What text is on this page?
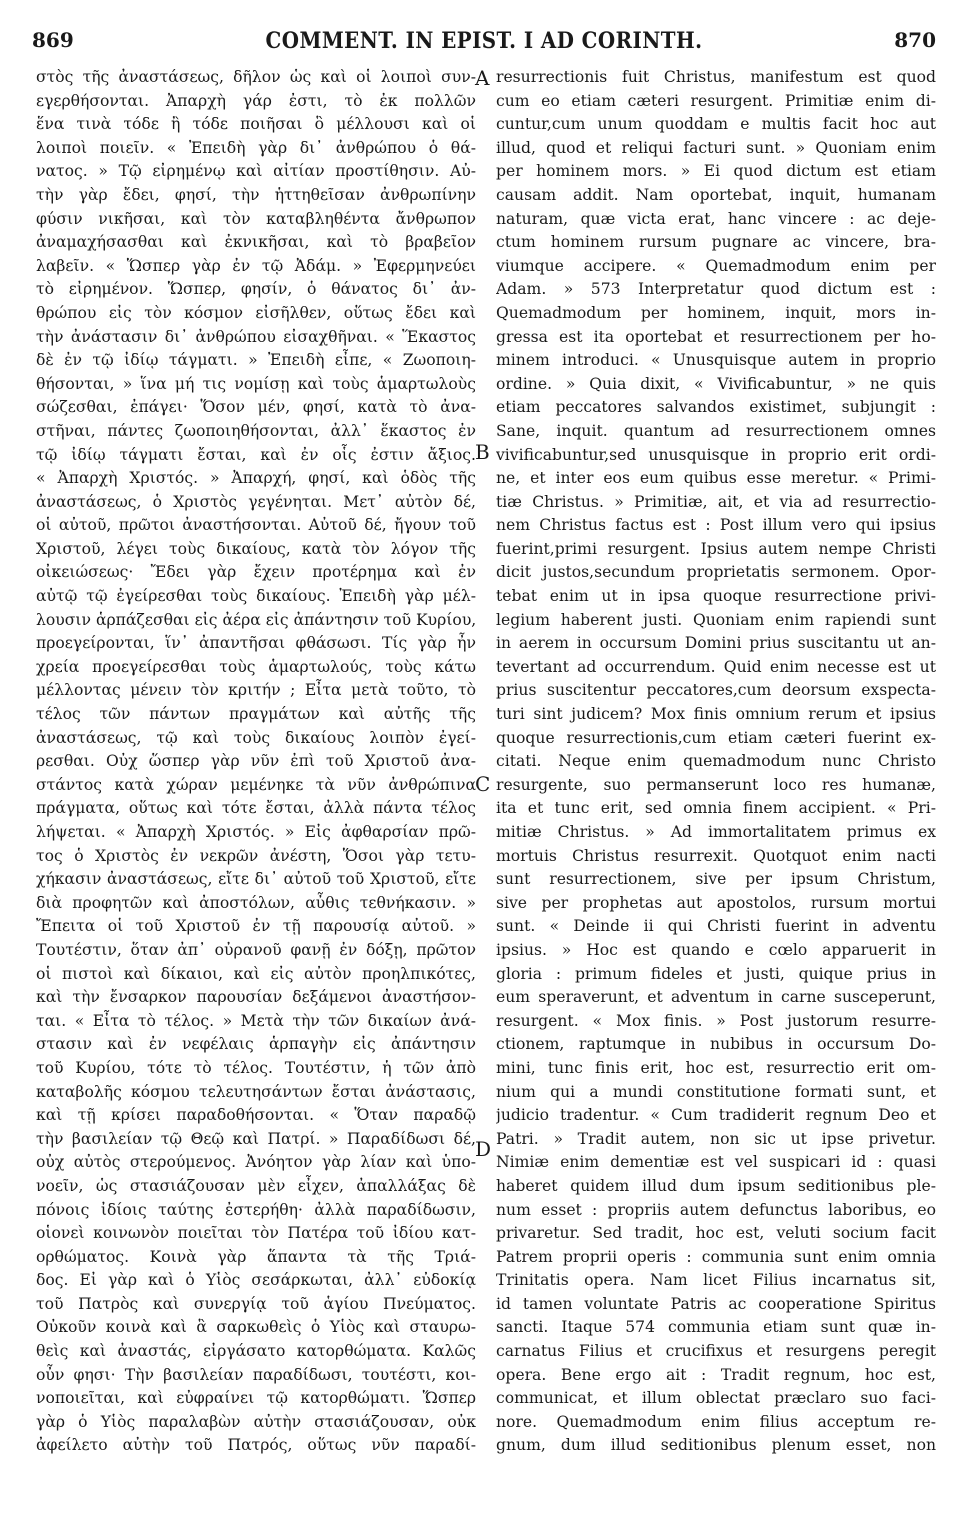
869	COMMENT. IN EPIST. I AD CORINTH.	870
στὸς τῆς ἀναστάσεως, δῆλον ὡς καὶ οἱ λοιποὶ συν-
εγερθήσονται. Ἀπαρχὴ γάρ ἐστι, τὸ ἐκ πολλῶν
ἕνα τινὰ τόδε ἢ τόδε ποιῆσαι ὃ μέλλουσι καὶ οἱ
λοιποὶ ποιεῖν. « Ἐπειδὴ γὰρ δι᾽ ἀνθρώπου ὁ θά-
νατος. » Τῷ εἰρημένῳ καὶ αἰτίαν προστίθησιν. Αὐ-
τὴν γὰρ ἔδει, φησί, τὴν ἡττηθεῖσαν ἀνθρωπίνην
φύσιν νικῆσαι, καὶ τὸν καταβληθέντα ἄνθρωπον
ἀναμαχήσασθαι καὶ ἐκνικῆσαι, καὶ τὸ βραβεῖον
λαβεῖν. « Ὥσπερ γὰρ ἐν τῷ Ἀδάμ. » Ἐφερμηνεύει
τὸ εἰρημένον. Ὥσπερ, φησίν, ὁ θάνατος δι᾽ ἀν-
θρώπου εἰς τὸν κόσμον εἰσῆλθεν, οὕτως ἔδει καὶ
τὴν ἀνάστασιν δι᾽ ἀνθρώπου εἰσαχθῆναι. « Ἕκαστος
δὲ ἐν τῷ ἰδίῳ τάγματι. » Ἐπειδὴ εἶπε, « Ζωοποιη-
θήσονται, » ἵνα μή τις νομίσῃ καὶ τοὺς ἁμαρτωλοὺς
σώζεσθαι, ἐπάγει· Ὅσον μέν, φησί, κατὰ τὸ ἀνα-
στῆναι, πάντες ζωοποιηθήσονται, ἀλλ᾽ ἕκαστος ἐν
τῷ ἰδίῳ τάγματι ἔσται, καὶ ἐν οἷς ἐστιν ἄξιος.
« Ἀπαρχὴ Χριστός. » Ἀπαρχή, φησί, καὶ ὁδὸς τῆς
ἀναστάσεως, ὁ Χριστὸς γεγένηται. Μετ᾽ αὐτὸν δέ,
οἱ αὐτοῦ, πρῶτοι ἀναστήσονται. Αὐτοῦ δέ, ἤγουν τοῦ
Χριστοῦ, λέγει τοὺς δικαίους, κατὰ τὸν λόγον τῆς
οἰκειώσεως· Ἔδει γὰρ ἔχειν προτέρημα καὶ ἐν
αὐτῷ τῷ ἐγείρεσθαι τοὺς δικαίους. Ἐπειδὴ γὰρ μέλ-
λουσιν ἁρπάζεσθαι εἰς ἀέρα εἰς ἀπάντησιν τοῦ Κυρίου,
προεγείρονται, ἵν᾽ ἀπαντῆσαι φθάσωσι. Τίς γὰρ ἦν
χρεία προεγείρεσθαι τοὺς ἁμαρτωλούς, τοὺς κάτω
μέλλοντας μένειν τὸν κριτήν ; Εἶτα μετὰ τοῦτο, τὸ
τέλος τῶν πάντων πραγμάτων καὶ αὐτῆς τῆς
ἀναστάσεως, τῷ καὶ τοὺς δικαίους λοιπὸν ἐγεί-
ρεσθαι. Οὐχ ὥσπερ γὰρ νῦν ἐπὶ τοῦ Χριστοῦ ἀνα-
στάντος κατὰ χώραν μεμένηκε τὰ νῦν ἀνθρώπινα
πράγματα, οὕτως καὶ τότε ἔσται, ἀλλὰ πάντα τέλος
λήψεται. « Ἀπαρχὴ Χριστός. » Εἰς ἀφθαρσίαν πρῶ-
τος ὁ Χριστὸς ἐν νεκρῶν ἀνέστη, Ὅσοι γὰρ τετυ-
χήκασιν ἀναστάσεως, εἴτε δι᾽ αὐτοῦ τοῦ Χριστοῦ, εἴτε
διὰ προφητῶν καὶ ἀποστόλων, αὖθις τεθνήκασιν. »
Ἔπειτα οἱ τοῦ Χριστοῦ ἐν τῇ παρουσίᾳ αὐτοῦ. »
Τουτέστιν, ὅταν ἀπ᾽ οὐρανοῦ φανῇ ἐν δόξῃ, πρῶτον
οἱ πιστοὶ καὶ δίκαιοι, καὶ εἰς αὐτὸν προηλπικότες,
καὶ τὴν ἔνσαρκον παρουσίαν δεξάμενοι ἀναστήσον-
ται. « Εἶτα τὸ τέλος. » Μετὰ τὴν τῶν δικαίων ἀνά-
στασιν καὶ ἐν νεφέλαις ἁρπαγὴν εἰς ἀπάντησιν
τοῦ Κυρίου, τότε τὸ τέλος. Τουτέστιν, ἡ τῶν ἀπὸ
καταβολῆς κόσμου τελευτησάντων ἔσται ἀνάστασις,
καὶ τῇ κρίσει παραδοθήσονται. « Ὅταν παραδῷ
τὴν βασιλείαν τῷ Θεῷ καὶ Πατρί. » Παραδίδωσι δέ,
οὐχ αὐτὸς στερούμενος. Ἀνόητον γὰρ λίαν καὶ ὑπο-
νοεῖν, ὡς στασιάζουσαν μὲν εἶχεν, ἀπαλλάξας δὲ
πόνοις ἰδίοις ταύτης ἐστερήθη· ἀλλὰ παραδίδωσιν,
οἱονεὶ κοινωνὸν ποιεῖται τὸν Πατέρα τοῦ ἰδίου κατ-
ορθώματος. Κοινὰ γὰρ ἅπαντα τὰ τῆς Τριά-
δος. Εἰ γὰρ καὶ ὁ Υἱὸς σεσάρκωται, ἀλλ᾽ εὐδοκίᾳ
τοῦ Πατρὸς καὶ συνεργίᾳ τοῦ ἁγίου Πνεύματος.
Οὐκοῦν κοινὰ καὶ ἃ σαρκωθεὶς ὁ Υἱὸς καὶ σταυρω-
θεὶς καὶ ἀναστάς, εἰργάσατο κατορθώματα. Καλῶς
οὖν φησι· Τὴν βασιλείαν παραδίδωσι, τουτέστι, κοι-
νοποιεῖται, καὶ εὐφραίνει τῷ κατορθώματι. Ὥσπερ
γὰρ ὁ Υἱὸς παραλαβὼν αὐτὴν στασιάζουσαν, οὐκ
ἀφείλετο αὐτὴν τοῦ Πατρός, οὕτως νῦν παραδί-
resurrectionis fuit Christus, manifestum est quod
cum eo etiam cæteri resurgent. Primitiæ enim di-
cuntur,cum unum quoddam e multis facit hoc aut
illud, quod et reliqui facturi sunt. » Quoniam enim
per hominem mors. » Ei quod dictum est etiam
causam addit. Nam oportebat, inquit, humanam
naturam, quæ victa erat, hanc vincere : ac deje-
ctum hominem rursum pugnare ac vincere, bra-
viumque accipere. « Quemadmodum enim per
Adam. » 573 Interpretatur quod dictum est :
Quemadmodum per hominem, inquit, mors in-
gressa est ita oportebat et resurrectionem per ho-
minem introduci. « Unusquisque autem in proprio
ordine. » Quia dixit, « Vivificabuntur, » ne quis
etiam peccatores salvandos existimet, subjungit :
Sane, inquit. quantum ad resurrectionem omnes
vivificabuntur,sed unusquisque in proprio erit ordi-
ne, et inter eos eum quibus esse meretur. « Primi-
tiæ Christus. » Primitiæ, ait, et via ad resurrectio-
nem Christus factus est : Post illum vero qui ipsius
fuerint,primi resurgent. Ipsius autem nempe Christi
dicit justos,secundum proprietatis sermonem. Opor-
tebat enim ut in ipsa quoque resurrectione privi-
legium haberent justi. Quoniam enim rapiendi sunt
in aerem in occursum Domini prius suscitantu ut an-
tevertant ad occurrendum. Quid enim necesse est ut
prius suscitentur peccatores,cum deorsum exspecta-
turi sint judicem? Mox finis omnium rerum et ipsius
quoque resurrectionis,cum etiam cæteri fuerint ex-
citati. Neque enim quemadmodum nunc Christo
resurgente, suo permanserunt loco res humanæ,
ita et tunc erit, sed omnia finem accipient. « Pri-
mitiæ Christus. » Ad immortalitatem primus ex
mortuis Christus resurrexit. Quotquot enim nacti
sunt resurrectionem, sive per ipsum Christum,
sive per prophetas aut apostolos, rursum mortui
sunt. « Deinde ii qui Christi fuerint in adventu
ipsius. » Hoc est quando e cœlo apparuerit in
gloria : primum fideles et justi, quique prius in
eum speraverunt, et adventum in carne susceperunt,
resurgent. « Mox finis. » Post justorum resurre-
ctionem, raptumque in nubibus in occursum Do-
mini, tunc finis erit, hoc est, resurrectio erit om-
nium qui a mundi constitutione formati sunt, et
judicio tradentur. « Cum tradiderit regnum Deo et
Patri. » Tradit autem, non sic ut ipse privetur.
Nimiæ enim dementiæ est vel suspicari id : quasi
haberet quidem illud dum ipsum seditionibus ple-
num esset : propriis autem defunctus laboribus, eo
privaretur. Sed tradit, hoc est, veluti socium facit
Patrem proprii operis : communia sunt enim omnia
Trinitatis opera. Nam licet Filius incarnatus sit,
id tamen voluntate Patris ac cooperatione Spiritus
sancti. Itaque 574 communia etiam sunt quæ in-
carnatus Filius et crucifixus et resurgens peregit
opera. Bene ergo ait : Tradit regnum, hoc est,
communicat, et illum oblectat præclaro suo faci-
nore. Quemadmodum enim filius acceptum re-
gnum, dum illud seditionibus plenum esset, non
A
B
C
D
